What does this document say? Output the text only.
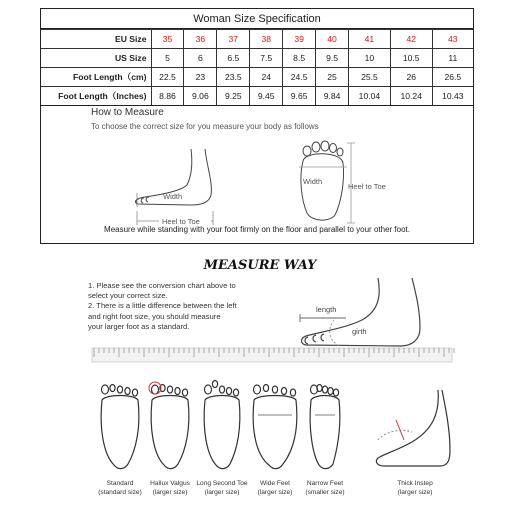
Woman Size Specification
EU Size	35	36	37	38	39	40	41	42	43
US Size	5	6	6.5	7.5	8.5	9.5	10	10.5	11
Foot Length（cm)	22.5	23	23.5	24	24.5	25	25.5	26	26.5
Foot Length（Inches)	8.86	9.06	9.25	9.45	9.65	9.84	10.04	10.24	10.43
How to Measure
To choose the correct size for you measure your body as follows
Width
Heel to Toe
Width
Heel to Toe
Measure while standing with your foot firmly on the floor and parallel to your other foot.
MEASURE WAY

1. Please see the conversion chart above to
select your correct size.

2. There is a little difference between the left
and right foot size, you should measure
your larger foot as a standard.

length
girth
Standard
(standard size)
Hallux Valgus
(larger size)
Long Second Toe
(larger size)
Wide Feet
(larger size)
Narrow Feet
(smaller size)
Thick Instep
(larger size)
